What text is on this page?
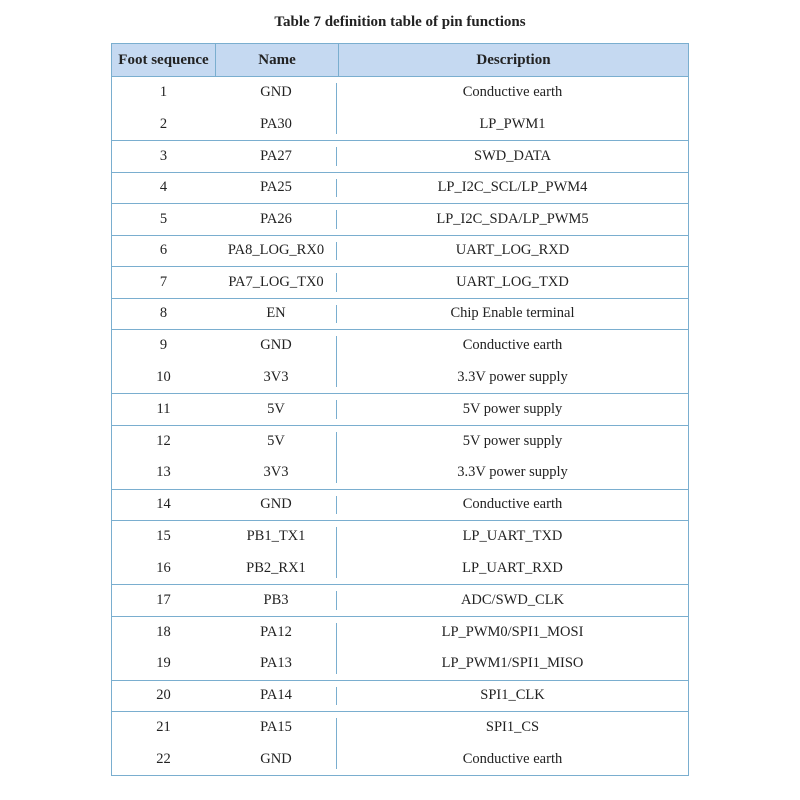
Table 7 definition table of pin functions
Foot sequence	Name	Description
1	GND	Conductive earth
2	PA30	LP_PWM1
3	PA27	SWD_DATA
4	PA25	LP_I2C_SCL/LP_PWM4
5	PA26	LP_I2C_SDA/LP_PWM5
6	PA8_LOG_RX0	UART_LOG_RXD
7	PA7_LOG_TX0	UART_LOG_TXD
8	EN	Chip Enable terminal
9	GND	Conductive earth
10	3V3	3.3V power supply
11	5V	5V power supply
12	5V	5V power supply
13	3V3	3.3V power supply
14	GND	Conductive earth
15	PB1_TX1	LP_UART_TXD
16	PB2_RX1	LP_UART_RXD
17	PB3	ADC/SWD_CLK
18	PA12	LP_PWM0/SPI1_MOSI
19	PA13	LP_PWM1/SPI1_MISO
20	PA14	SPI1_CLK
21	PA15	SPI1_CS
22	GND	Conductive earth
